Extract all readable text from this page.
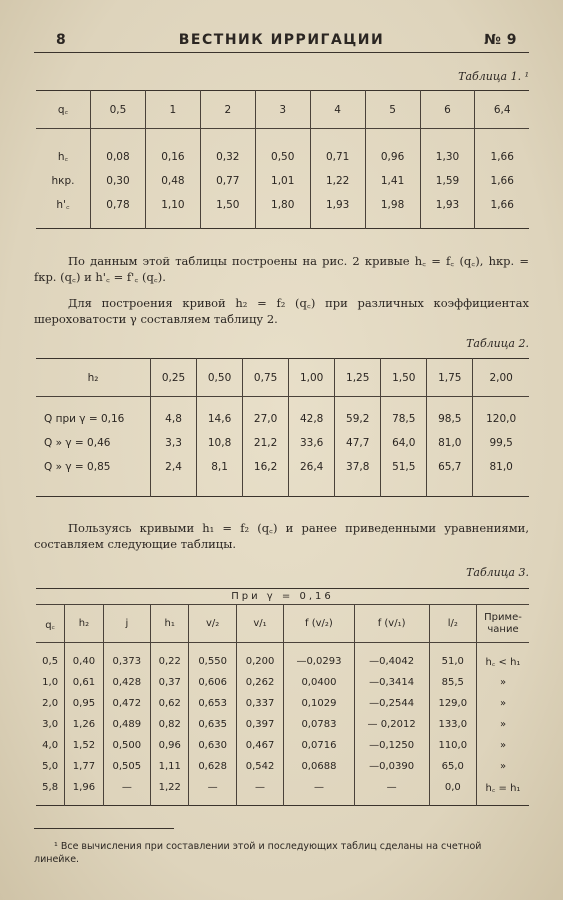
8	ВЕСТНИК ИРРИГАЦИИ	№ 9
Таблица 1. ¹
q꜀	0,5	1	2	3	4	5	6	6,4

h꜀	0,08	0,16	0,32	0,50	0,71	0,96	1,30	1,66
hкр.	0,30	0,48	0,77	1,01	1,22	1,41	1,59	1,66
h'꜀	0,78	1,10	1,50	1,80	1,93	1,98	1,93	1,66

По данным этой таблицы построены на рис. 2 кривые h꜀ = f꜀ (q꜀), hкр. = fкр. (q꜀) и h'꜀ = f'꜀ (q꜀).

Для построения кривой h₂ = f₂ (q꜀) при различных коэффициентах шероховатости γ составляем таблицу 2.

Таблица 2.
h₂	0,25	0,50	0,75	1,00	1,25	1,50	1,75	2,00

Q при γ = 0,16	4,8	14,6	27,0	42,8	59,2	78,5	98,5	120,0
Q » γ = 0,46	3,3	10,8	21,2	33,6	47,7	64,0	81,0	99,5
Q » γ = 0,85	2,4	8,1	16,2	26,4	37,8	51,5	65,7	81,0

Пользуясь кривыми h₁ = f₂ (q꜀) и ранее приведенными уравнениями, составляем следующие таблицы.

Таблица 3.
При γ = 0,16									
q꜀	h₂	j	h₁	v/₂	v/₁	f (v/₂)	f (v/₁)	l/₂	Приме-чание

0,5	0,40	0,373	0,22	0,550	0,200	—0,0293	—0,4042	51,0	h꜀ < h₁
1,0	0,61	0,428	0,37	0,606	0,262	0,0400	—0,3414	85,5	»
2,0	0,95	0,472	0,62	0,653	0,337	0,1029	—0,2544	129,0	»
3,0	1,26	0,489	0,82	0,635	0,397	0,0783	— 0,2012	133,0	»
4,0	1,52	0,500	0,96	0,630	0,467	0,0716	—0,1250	110,0	»
5,0	1,77	0,505	1,11	0,628	0,542	0,0688	—0,0390	65,0	»
5,8	1,96	—	1,22	—	—	—	—	0,0	h꜀ = h₁

¹ Все вычисления при составлении этой и последующих таблиц сделаны на счетной линейке.
